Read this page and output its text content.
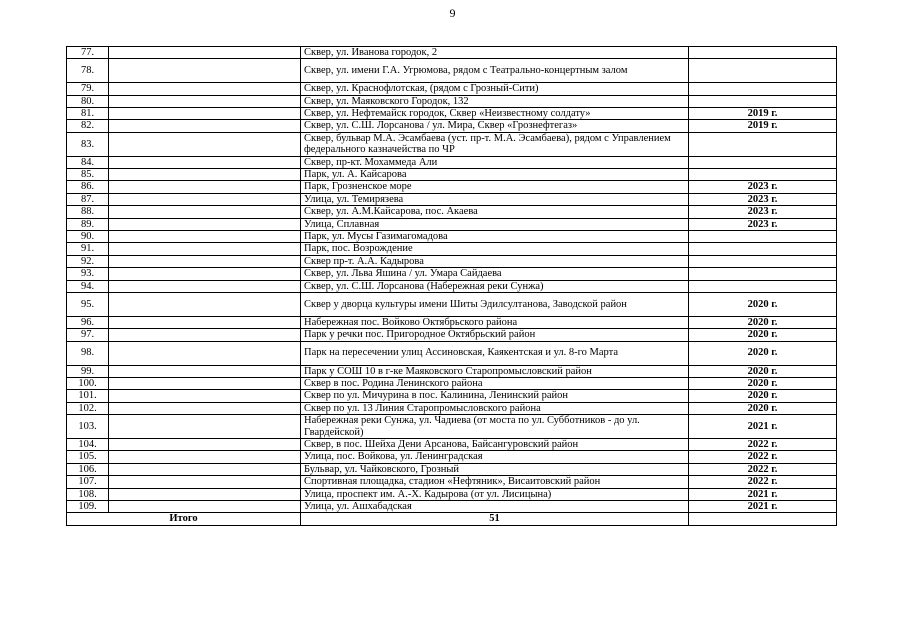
9
77.		Сквер, ул. Иванова городок, 2	
78.		Сквер, ул. имени Г.А. Угрюмова, рядом с Театрально-концертным залом	
79.		Сквер, ул. Краснофлотская, (рядом с Грозный-Сити)	
80.		Сквер, ул. Маяковского Городок, 132	
81.		Сквер, ул. Нефтемайск городок, Сквер «Неизвестному солдату»	2019 г.
82.		Сквер, ул. С.Ш. Лорсанова / ул. Мира, Сквер «Грознефтегаз»	2019 г.
83.		Сквер, бульвар М.А. Эсамбаева (уст. пр-т. М.А. Эсамбаева), рядом с Управлением федерального казначейства по ЧР	
84.		Сквер, пр-кт. Мохаммеда Али	
85.		Парк, ул. А. Кайсарова	
86.		Парк, Грозненское море	2023 г.
87.		Улица, ул. Темирязева	2023 г.
88.		Сквер, ул. А.М.Кайсарова, пос. Акаева	2023 г.
89.		Улица, Сплавная	2023 г.
90.		Парк, ул. Мусы Газимагомадова	
91.		Парк, пос. Возрождение	
92.		Сквер пр-т. А.А. Кадырова	
93.		Сквер, ул. Льва Яшина / ул. Умара Сайдаева	
94.		Сквер, ул. С.Ш. Лорсанова (Набережная реки Сунжа)	
95.		Сквер у дворца культуры имени Шиты Эдилсултанова, Заводской район	2020 г.
96.		Набережная пос. Войково Октябрьского района	2020 г.
97.		Парк у речки пос. Пригородное Октябрьский район	2020 г.
98.		Парк на пересечении улиц Ассиновская, Каякентская и ул. 8-го Марта	2020 г.
99.		Парк у СОШ 10 в г-ке Маяковского Старопромысловский район	2020 г.
100.		Сквер в пос. Родина Ленинского района	2020 г.
101.		Сквер по ул. Мичурина в пос. Калинина, Ленинский район	2020 г.
102.		Сквер по ул. 13 Линия Старопромысловского района	2020 г.
103.		Набережная реки Сунжа, ул. Чадиева (от моста по ул. Субботников - до ул. Гвардейской)	2021 г.
104.		Сквер, в пос. Шейха Дени Арсанова, Байсангуровский район	2022 г.
105.		Улица, пос. Войкова, ул. Ленинградская	2022 г.
106.		Бульвар, ул. Чайковского, Грозный	2022 г.
107.		Спортивная площадка, стадион «Нефтяник», Висаитовский район	2022 г.
108.		Улица, проспект им. А.-Х. Кадырова (от ул. Лисицына)	2021 г.
109.		Улица, ул. Ашхабадская	2021 г.
Итого		51	
